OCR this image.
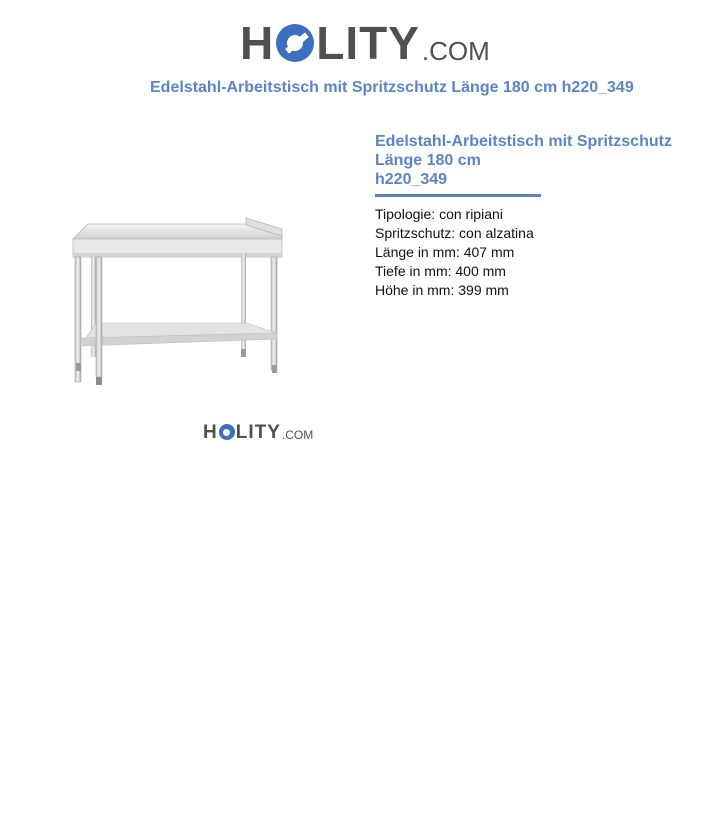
H LITY .COM
Edelstahl-Arbeitstisch mit Spritzschutz Länge 180 cm h220_349
H LITY .COM
Edelstahl-Arbeitstisch mit Spritzschutz
Länge 180 cm
h220_349
Tipologie: con ripiani
Spritzschutz: con alzatina
Länge in mm: 407 mm
Tiefe in mm: 400 mm
Höhe in mm: 399 mm
